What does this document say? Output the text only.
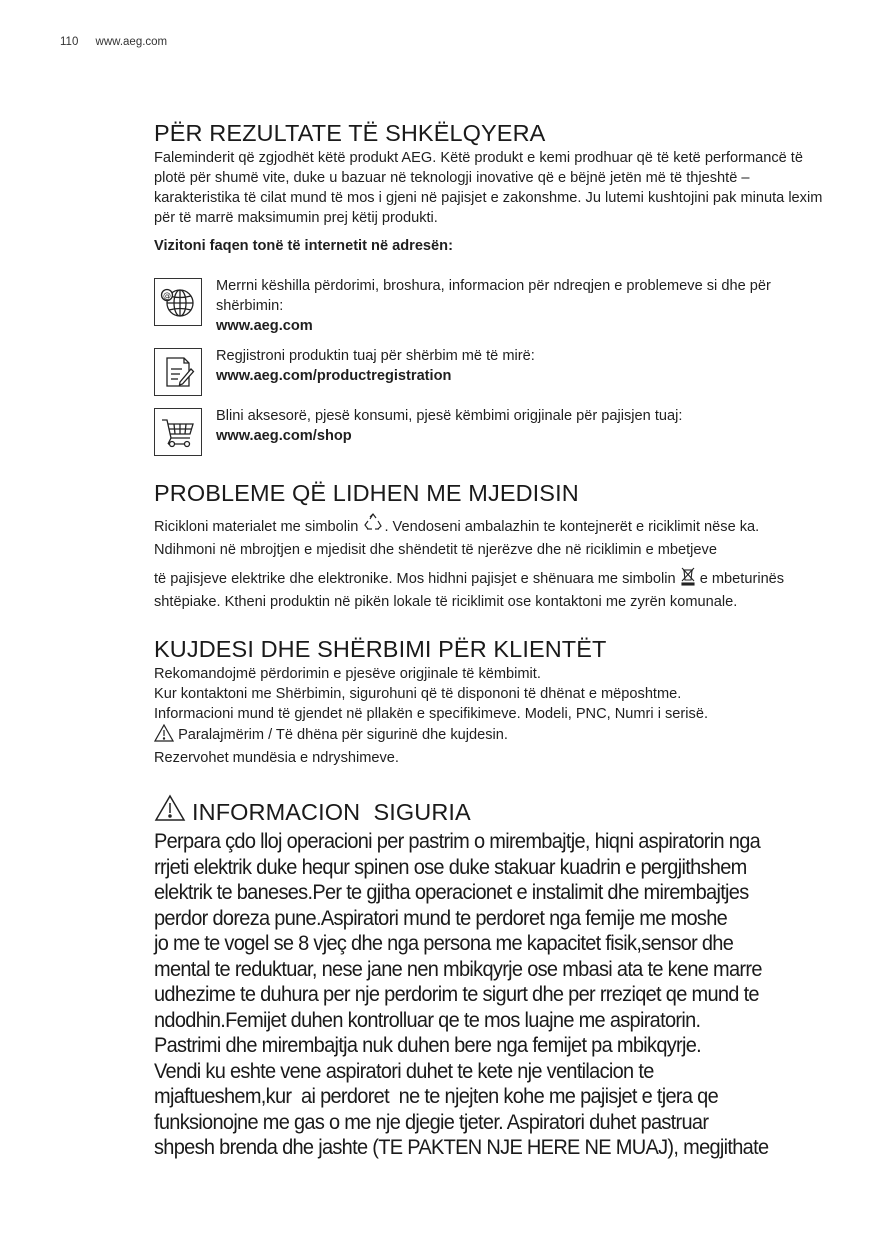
110 www.aeg.com
PËR REZULTATE TË SHKËLQYERA

Faleminderit që zgjodhët këtë produkt AEG. Këtë produkt e kemi prodhuar që të ketë performancë të plotë për shumë vite, duke u bazuar në teknologji inovative që e bëjnë jetën më të thjeshtë – karakteristika të cilat mund të mos i gjeni në pajisjet e zakonshme. Ju lutemi kushtojini pak minuta lexim për të marrë maksimumin prej këtij produkti.

Vizitoni faqen tonë të internetit në adresën:

@

Merrni këshilla përdorimi, broshura, informacion për ndreqjen e problemeve si dhe për shërbimin:

www.aeg.com

Regjistroni produktin tuaj për shërbim më të mirë:

www.aeg.com/productregistration

Blini aksesorë, pjesë konsumi, pjesë këmbimi origjinale për pajisjen tuaj:

www.aeg.com/shop

PROBLEME QË LIDHEN ME MJEDISIN

Ricikloni materialet me simbolin . Vendoseni ambalazhin te kontejnerët e riciklimit nëse ka.

Ndihmoni në mbrojtjen e mjedisit dhe shëndetit të njerëzve dhe në riciklimin e mbetjeve

të pajisjeve elektrike dhe elektronike. Mos hidhni pajisjet e shënuara me simbolin e mbeturinës shtëpiake. Ktheni produktin në pikën lokale të riciklimit ose kontaktoni me zyrën komunale.

KUJDESI DHE SHËRBIMI PËR KLIENTËT

Rekomandojmë përdorimin e pjesëve origjinale të këmbimit.

Kur kontaktoni me Shërbimin, sigurohuni që të dispononi të dhënat e mëposhtme.

Informacioni mund të gjendet në pllakën e specifikimeve. Modeli, PNC, Numri i serisë.

Paralajmërim / Të dhëna për sigurinë dhe kujdesin.

Rezervohet mundësia e ndryshimeve.

INFORMACION  SIGURIA
Perpara çdo lloj operacioni per pastrim o mirembajtje, hiqni aspiratorin nga
rrjeti elektrik duke hequr spinen ose duke stakuar kuadrin e pergjithshem
elektrik te baneses.Per te gjitha operacionet e instalimit dhe mirembajtjes
perdor doreza pune.Aspiratori mund te perdoret nga femije me moshe
jo me te vogel se 8 vjeç dhe nga persona me kapacitet fisik,sensor dhe
mental te reduktuar, nese jane nen mbikqyrje ose mbasi ata te kene marre
udhezime te duhura per nje perdorim te sigurt dhe per rreziqet qe mund te
ndodhin.Femijet duhen kontrolluar qe te mos luajne me aspiratorin.
Pastrimi dhe mirembajtja nuk duhen bere nga femijet pa mbikqyrje.
Vendi ku eshte vene aspiratori duhet te kete nje ventilacion te
mjaftueshem,kur  ai perdoret  ne te njejten kohe me pajisjet e tjera qe
funksionojne me gas o me nje djegie tjeter. Aspiratori duhet pastruar
shpesh brenda dhe jashte (TE PAKTEN NJE HERE NE MUAJ), megjithate
